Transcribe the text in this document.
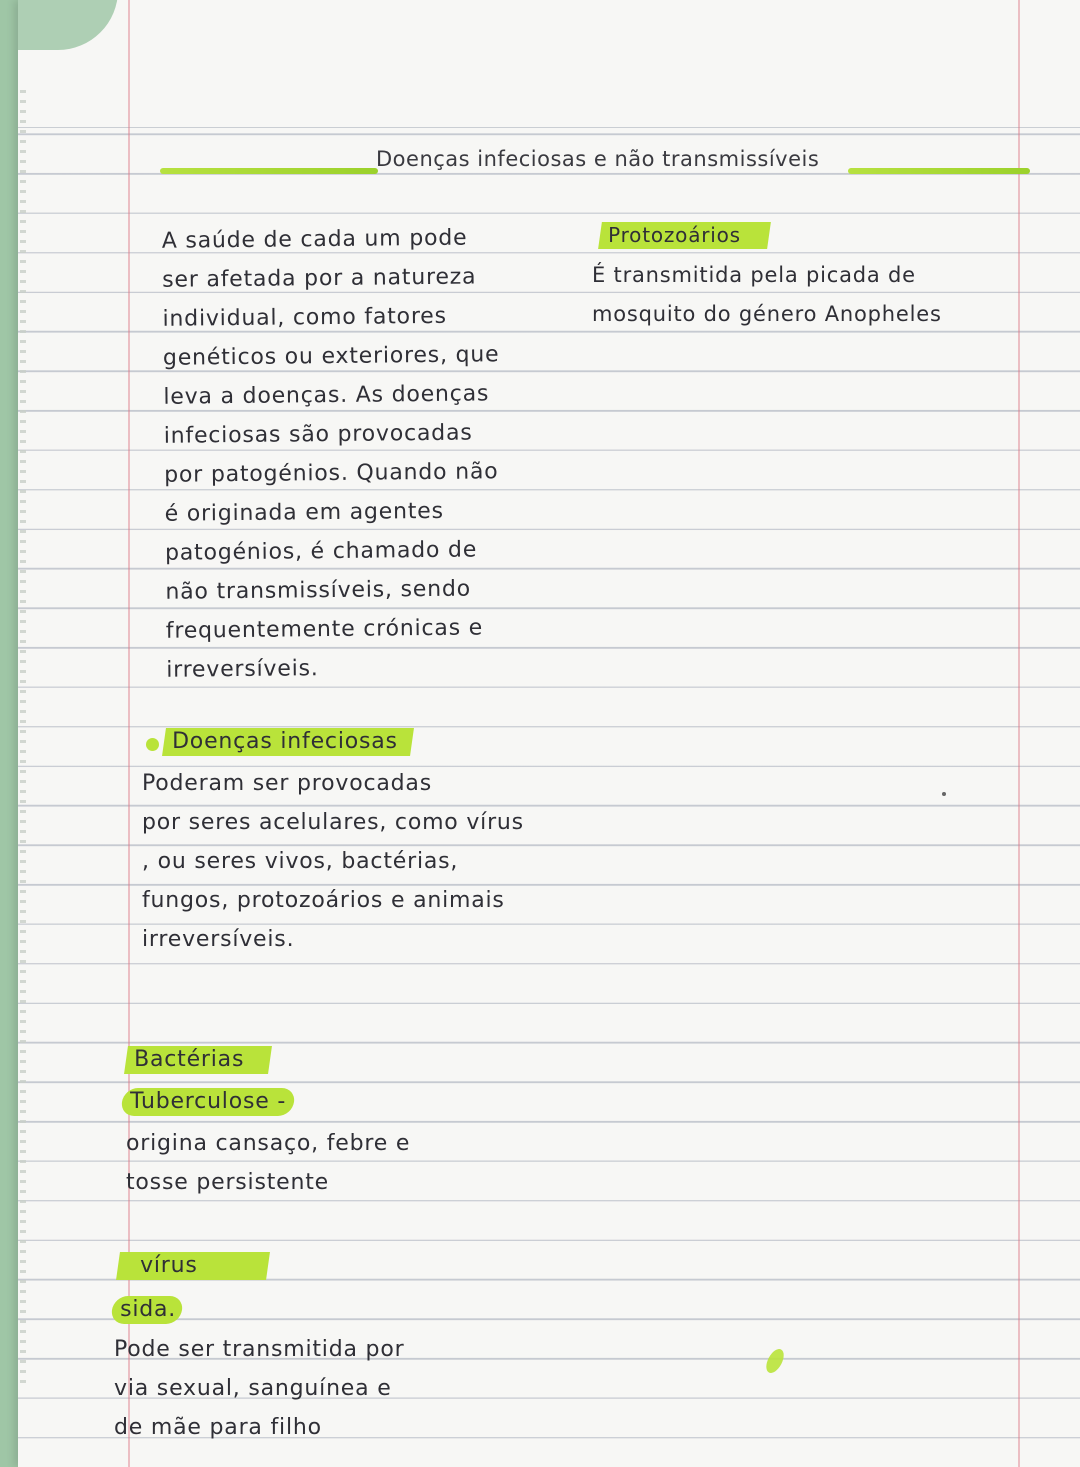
Doenças infeciosas e não transmissíveis
A saúde de cada um pode
ser afetada por a natureza
individual, como fatores
genéticos ou exteriores, que
leva a doenças. As doenças
infeciosas são provocadas
por patogénios. Quando não
é originada em agentes
patogénios, é chamado de
não transmissíveis, sendo
frequentemente crónicas e
irreversíveis.
Doenças infeciosas
Poderam ser provocadas
por seres acelulares, como vírus
, ou seres vivos, bactérias,
fungos, protozoários e animais
irreversíveis.
Bactérias
Tuberculose -
origina cansaço, febre e
tosse persistente
vírus
sida.
Pode ser transmitida por
via sexual, sanguínea e
de mãe para filho
Protozoários
É transmitida pela picada de
mosquito do género Anopheles
